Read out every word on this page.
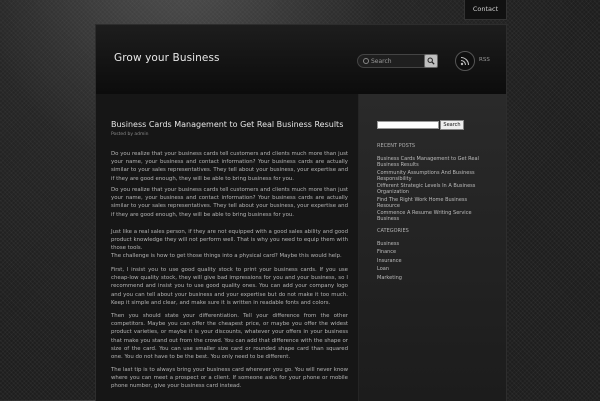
Contact
Grow your Business
Search	RSS
Business Cards Management to Get Real Business Results
Posted by admin

Do you realize that your business cards tell customers and clients much more than just your name, your business and contact information? Your business cards are actually similar to your sales representatives. They tell about your business, your expertise and if they are good enough, they will be able to bring business for you.

Do you realize that your business cards tell customers and clients much more than just your name, your business and contact information? Your business cards are actually similar to your sales representatives. They tell about your business, your expertise and if they are good enough, they will be able to bring business for you.

Just like a real sales person, if they are not equipped with a good sales ability and good product knowledge they will not perform well. That is why you need to equip them with those tools.

The challenge is how to get those things into a physical card? Maybe this would help.

First, I insist you to use good quality stock to print your business cards. If you use cheap-low quality stock, they will give bad impressions for you and your business, so I recommend and insist you to use good quality ones. You can add your company logo and you can tell about your business and your expertise but do not make it too much. Keep it simple and clear, and make sure it is written in readable fonts and colors.

Then you should state your differentiation. Tell your difference from the other competitors. Maybe you can offer the cheapest price, or maybe you offer the widest product varieties, or maybe it is your discounts, whatever your offers in your business that make you stand out from the crowd. You can add that difference with the shape or size of the card. You can use smaller size card or rounded shape card than squared one. You do not have to be the best. You only need to be different.

The last tip is to always bring your business card wherever you go. You will never know where you can meet a prospect or a client. If someone asks for your phone or mobile phone number, give your business card instead.

Search
RECENT POSTS
Business Cards Management to Get Real Business Results
Community Assumptions And Business Responsibility
Different Strategic Levels In A Business Organization
Find The Right Work Home Business Resource
Commence A Resume Writing Service Business
CATEGORIES
Business
Finance
Insurance
Loan
Marketing
